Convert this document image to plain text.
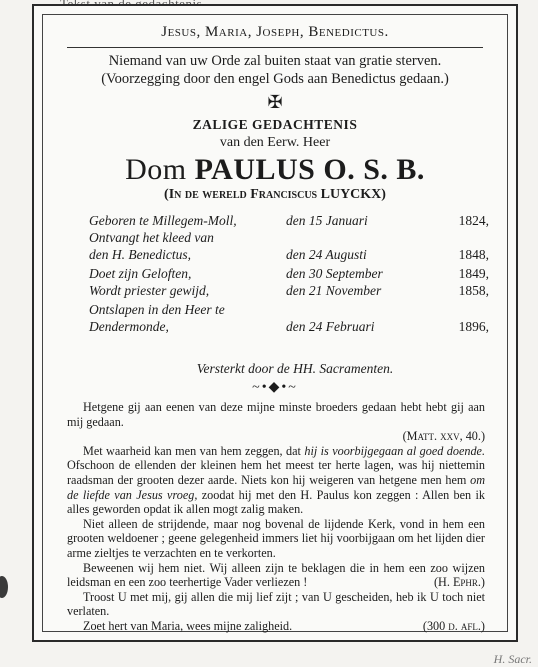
H. Sacr.
Jesus, Maria, Joseph, Benedictus.
Niemand van uw Orde zal buiten staat van gratie sterven.
(Voorzegging door den engel Gods aan Benedictus gedaan.)
✠
ZALIGE GEDACHTENIS
van den Eerw. Heer
Dom PAULUS O. S. B.
(In de wereld Franciscus LUYCKX)
Geboren te Millegem-Moll,	den 15 Januari	1824,
Ontvangt het kleed van
den H. Benedictus,	den 24 Augusti	1848,
Doet zijn Geloften,	den 30 September	1849,
Wordt priester gewijd,	den 21 November	1858,
Ontslapen in den Heer te
Dendermonde,	den 24 Februari	1896,
Versterkt door de HH. Sacramenten.
~•◆•~

Hetgene gij aan eenen van deze mijne minste broeders gedaan hebt hebt gij aan mij gedaan.
(Matt. xxv, 40.)

Met waarheid kan men van hem zeggen, dat hij is voorbijgegaan al goed doende. Ofschoon de ellenden der kleinen hem het meest ter herte lagen, was hij niettemin raadsman der grooten dezer aarde. Niets kon hij weigeren van hetgene men hem om de liefde van Jesus vroeg, zoodat hij met den H. Paulus kon zeggen : Allen ben ik alles geworden opdat ik allen mogt zalig maken.

Niet alleen de strijdende, maar nog bovenal de lijdende Kerk, vond in hem een grooten weldoener ; geene gelegenheid immers liet hij voorbijgaan om het lijden dier arme zieltjes te verzachten en te verkorten.

Beweenen wij hem niet. Wij alleen zijn te beklagen die in hem een zoo wijzen leidsman en een zoo teerhertige Vader verliezen !	(H. Ephr.)

Troost U met mij, gij allen die mij lief zijt ; van U gescheiden, heb ik U toch niet verlaten.

Zoet hert van Maria, wees mijne zaligheid.	(300 d. afl.)
